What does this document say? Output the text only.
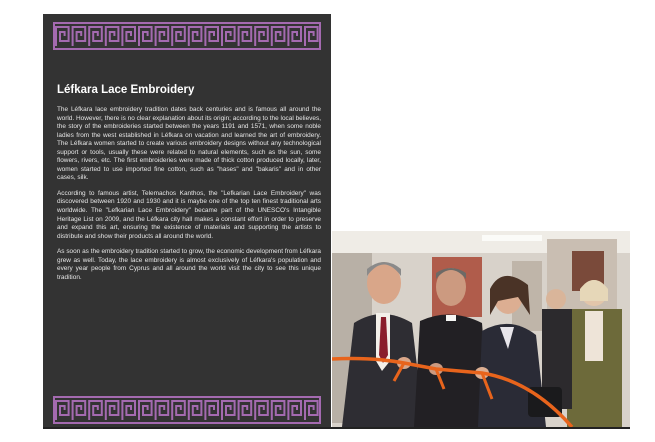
Léfkara Lace Embroidery

The Léfkara lace embroidery tradition dates back centuries and is famous all around the world. However, there is no clear explanation about its origin; according to the local believes, the story of the embroideries started between the years 1191 and 1571, when some noble ladies from the west established in Léfkara on vacation and learned the art of embroidery. The Léfkara women started to create various embroidery designs without any technological support or tools, usually these were related to natural elements, such as the sun, some flowers, rivers, etc. The first embroideries were made of thick cotton produced locally, later, women started to use imported fine cotton, such as "hases" and "bakaris" and in other cases, silk.

According to famous artist, Telemachos Kanthos, the "Lefkarian Lace Embroidery" was discovered between 1920 and 1930 and it is maybe one of the top ten finest traditional arts worldwide. The "Lefkarian Lace Embroidery" became part of the UNESCO's Intangible Heritage List on 2009, and the Léfkara city hall makes a constant effort in order to preserve and expand this art, ensuring the existence of materials and supporting the artists to distribute and show their products all around the world.

As soon as the embroidery tradition started to grow, the economic development from Léfkara grew as well. Today, the lace embroidery is almost exclusively of Léfkara's population and every year people from Cyprus and all around the world visit the city to see this unique tradition.
